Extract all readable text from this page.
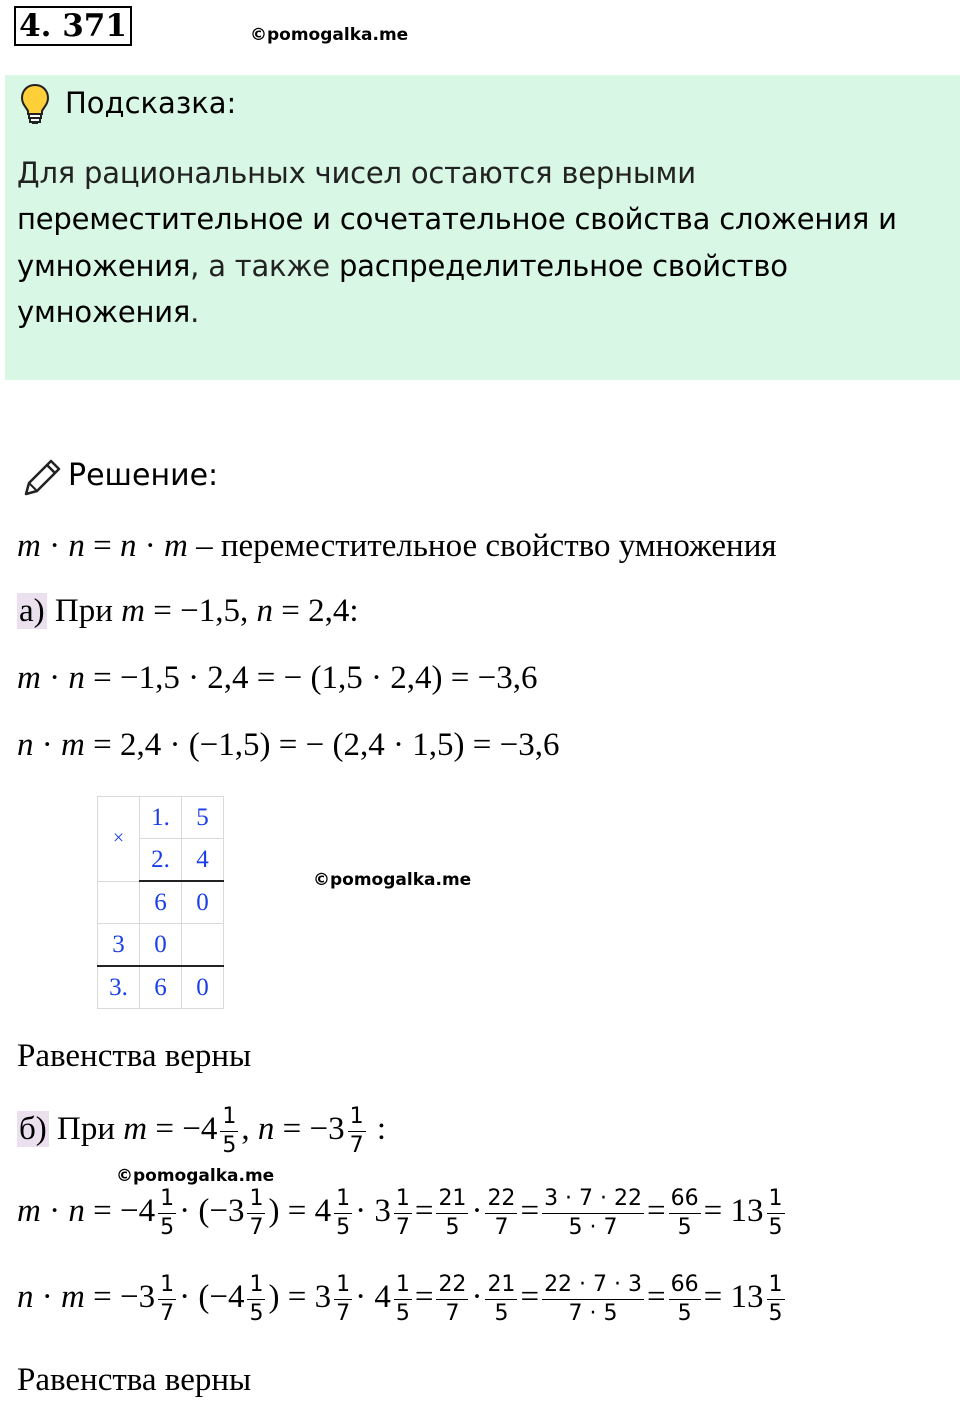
4. 371	©pomogalka.me
Подсказка:
Для рациональных чисел остаются верными
переместительное и сочетательное свойства сложения и
умножения, а также распределительное свойство
умножения.
Решение:
m · n = n · m – переместительное свойство умножения
а) При m = −1,5, n = 2,4:
m · n = −1,5 · 2,4 = − (1,5 · 2,4) = −3,6
n · m = 2,4 · (−1,5) = − (2,4 · 1,5) = −3,6
×	1.	5
	2.	4
	6	0
3	0	
3.	6	0
©pomogalka.me
Равенства верны
б) При $m = -4 \frac{1}{5}$ , $n = -3 \frac{1}{7}$ :
©pomogalka.me
$m \cdot n = -4 \frac{1}{5} \cdot (-3 \frac{1}{7}$ ) = $4 \frac{1}{5} \cdot 3 \frac{1}{7} = \frac{21}{5} \cdot \frac{22}{7} = \frac{3 \cdot 7 \cdot 22}{5 \cdot 7} = \frac{66}{5} = 13 \frac{1}{5}$
$n \cdot m = -3 \frac{1}{7} \cdot (-4 \frac{1}{5}$ ) = $3 \frac{1}{7} \cdot 4 \frac{1}{5} = \frac{22}{7} \cdot \frac{21}{5} = \frac{22 \cdot 7 \cdot 3}{7 \cdot 5} = \frac{66}{5} = 13 \frac{1}{5}$
Равенства верны
